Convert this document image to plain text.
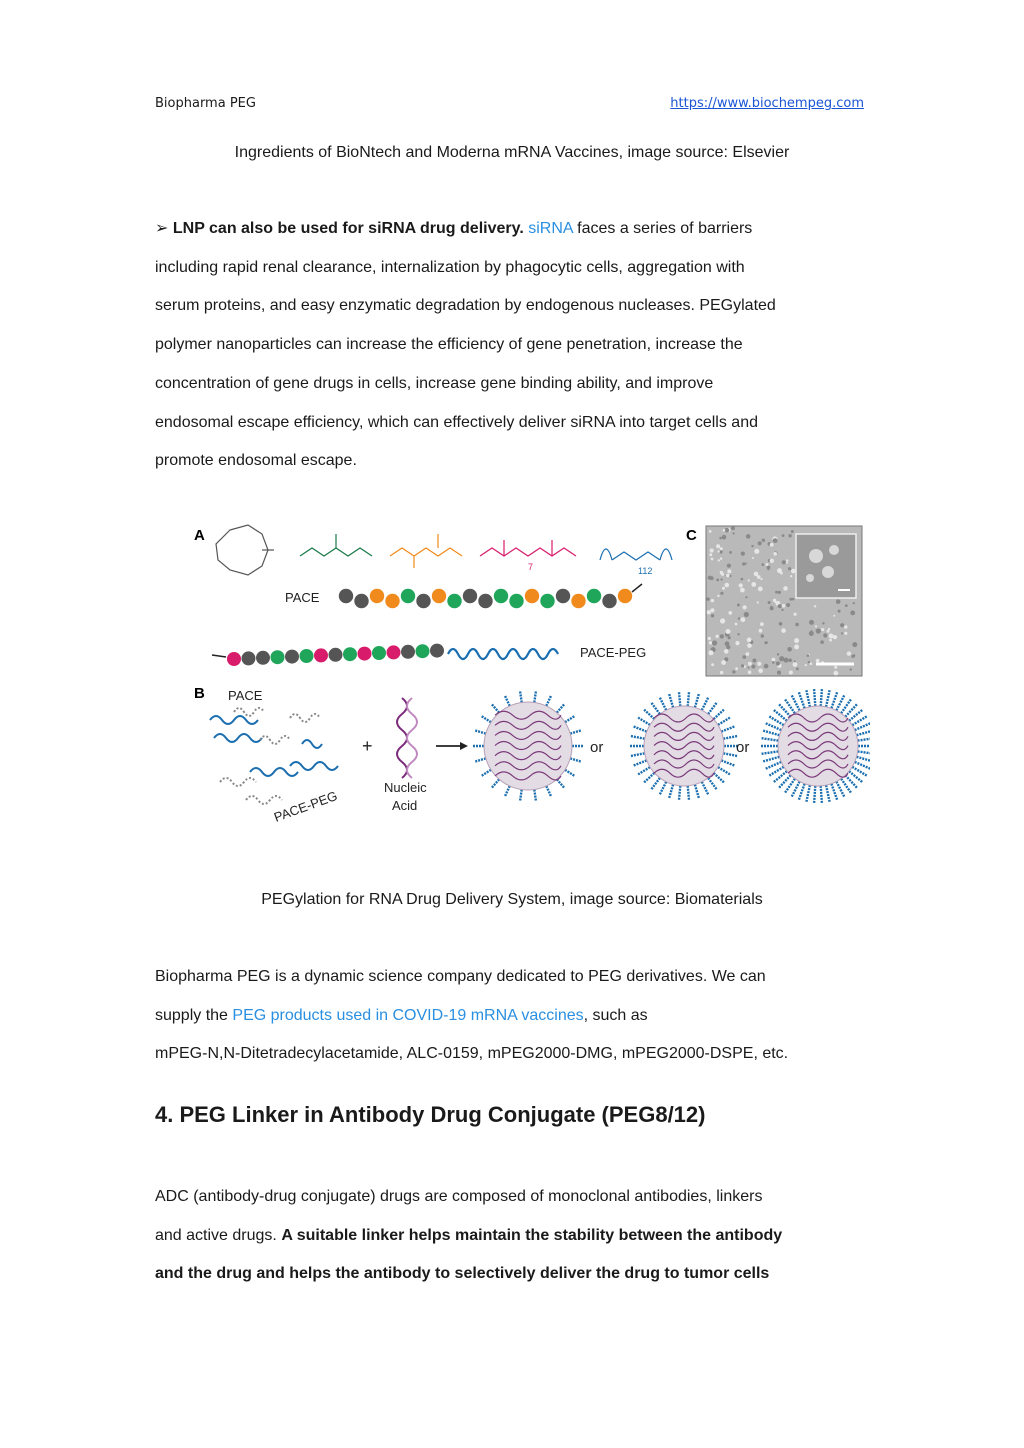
Biopharma PEG	https://www.biochempeg.com
Ingredients of BioNtech and Moderna mRNA Vaccines, image source: Elsevier

➢ LNP can also be used for siRNA drug delivery. siRNA faces a series of barriers

including rapid renal clearance, internalization by phagocytic cells, aggregation with

serum proteins, and easy enzymatic degradation by endogenous nucleases. PEGylated

polymer nanoparticles can increase the efficiency of gene penetration, increase the

concentration of gene drugs in cells, increase gene binding ability, and improve

endosomal escape efficiency, which can effectively deliver siRNA into target cells and

promote endosomal escape.

A
B
C
7	112
PACE
PACE-PEG
PACE
PACE-PEG
+
Nucleic
Acid
or	or
PEGylation for RNA Drug Delivery System, image source: Biomaterials

Biopharma PEG is a dynamic science company dedicated to PEG derivatives. We can

supply the PEG products used in COVID-19 mRNA vaccines, such as

mPEG-N,N-Ditetradecylacetamide, ALC-0159, mPEG2000-DMG, mPEG2000-DSPE, etc.

4. PEG Linker in Antibody Drug Conjugate (PEG8/12)

ADC (antibody-drug conjugate) drugs are composed of monoclonal antibodies, linkers

and active drugs. A suitable linker helps maintain the stability between the antibody

and the drug and helps the antibody to selectively deliver the drug to tumor cells
